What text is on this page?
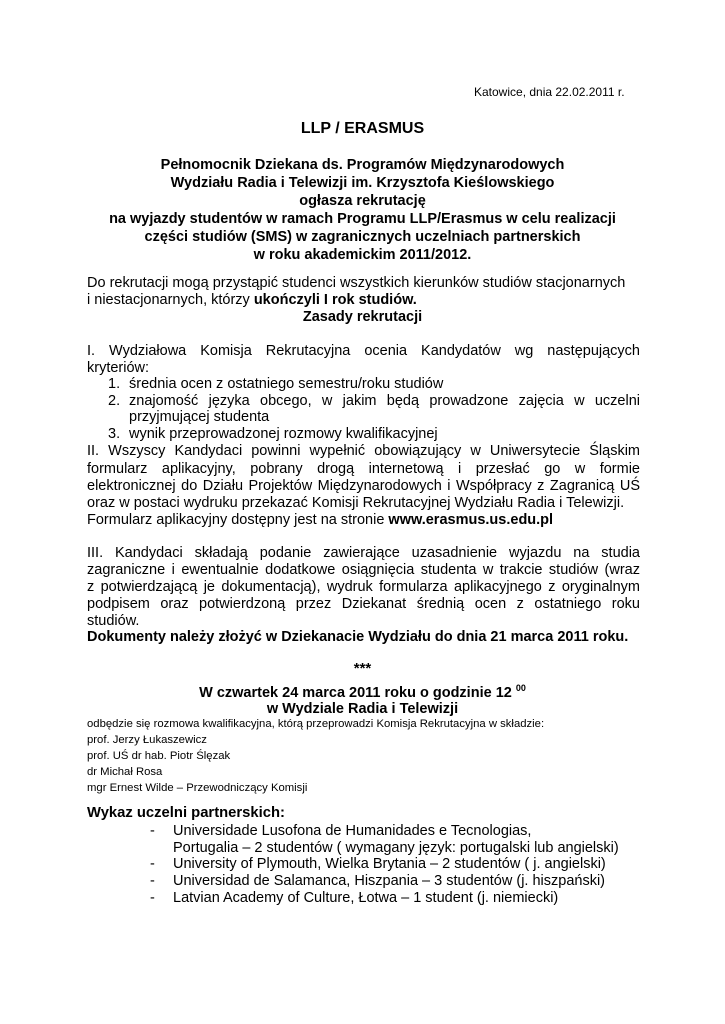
Katowice, dnia 22.02.2011 r.
LLP / ERASMUS
Pełnomocnik Dziekana ds. Programów Międzynarodowych
Wydziału Radia i Telewizji im. Krzysztofa Kieślowskiego
ogłasza rekrutację
na wyjazdy studentów w ramach Programu LLP/Erasmus w celu realizacji
części studiów (SMS) w zagranicznych uczelniach partnerskich
w roku akademickim 2011/2012.
Do rekrutacji mogą przystąpić studenci wszystkich kierunków studiów stacjonarnych
i niestacjonarnych, którzy ukończyli I rok studiów.
Zasady rekrutacji
I. Wydziałowa Komisja Rekrutacyjna ocenia Kandydatów wg następujących
kryteriów:
1. średnia ocen z ostatniego semestru/roku studiów
2. znajomość języka obcego, w jakim będą prowadzone zajęcia w uczelni
przyjmującej studenta
3. wynik przeprowadzonej rozmowy kwalifikacyjnej
II. Wszyscy Kandydaci powinni wypełnić obowiązujący w Uniwersytecie Śląskim
formularz aplikacyjny, pobrany drogą internetową i przesłać go w formie
elektronicznej do Działu Projektów Międzynarodowych i Współpracy z Zagranicą UŚ
oraz w postaci wydruku przekazać Komisji Rekrutacyjnej Wydziału Radia i Telewizji.
Formularz aplikacyjny dostępny jest na stronie www.erasmus.us.edu.pl
III. Kandydaci składają podanie zawierające uzasadnienie wyjazdu na studia
zagraniczne i ewentualnie dodatkowe osiągnięcia studenta w trakcie studiów (wraz
z potwierdzającą je dokumentacją), wydruk formularza aplikacyjnego z oryginalnym
podpisem oraz potwierdzoną przez Dziekanat średnią ocen z ostatniego roku
studiów.
Dokumenty należy złożyć w Dziekanacie Wydziału do dnia 21 marca 2011 roku.
***
W czwartek 24 marca 2011 roku o godzinie 12 $^{00}$
w Wydziale Radia i Telewizji
odbędzie się rozmowa kwalifikacyjna, którą przeprowadzi Komisja Rekrutacyjna w składzie:
prof. Jerzy Łukaszewicz
prof. UŚ dr hab. Piotr Ślęzak
dr Michał Rosa
mgr Ernest Wilde – Przewodniczący Komisji
Wykaz uczelni partnerskich:
- Universidade Lusofona de Humanidades e Tecnologias,
Portugalia – 2 studentów ( wymagany język: portugalski lub angielski)
- University of Plymouth, Wielka Brytania – 2 studentów ( j. angielski)
- Universidad de Salamanca, Hiszpania – 3 studentów (j. hiszpański)
- Latvian Academy of Culture, Łotwa – 1 student (j. niemiecki)
